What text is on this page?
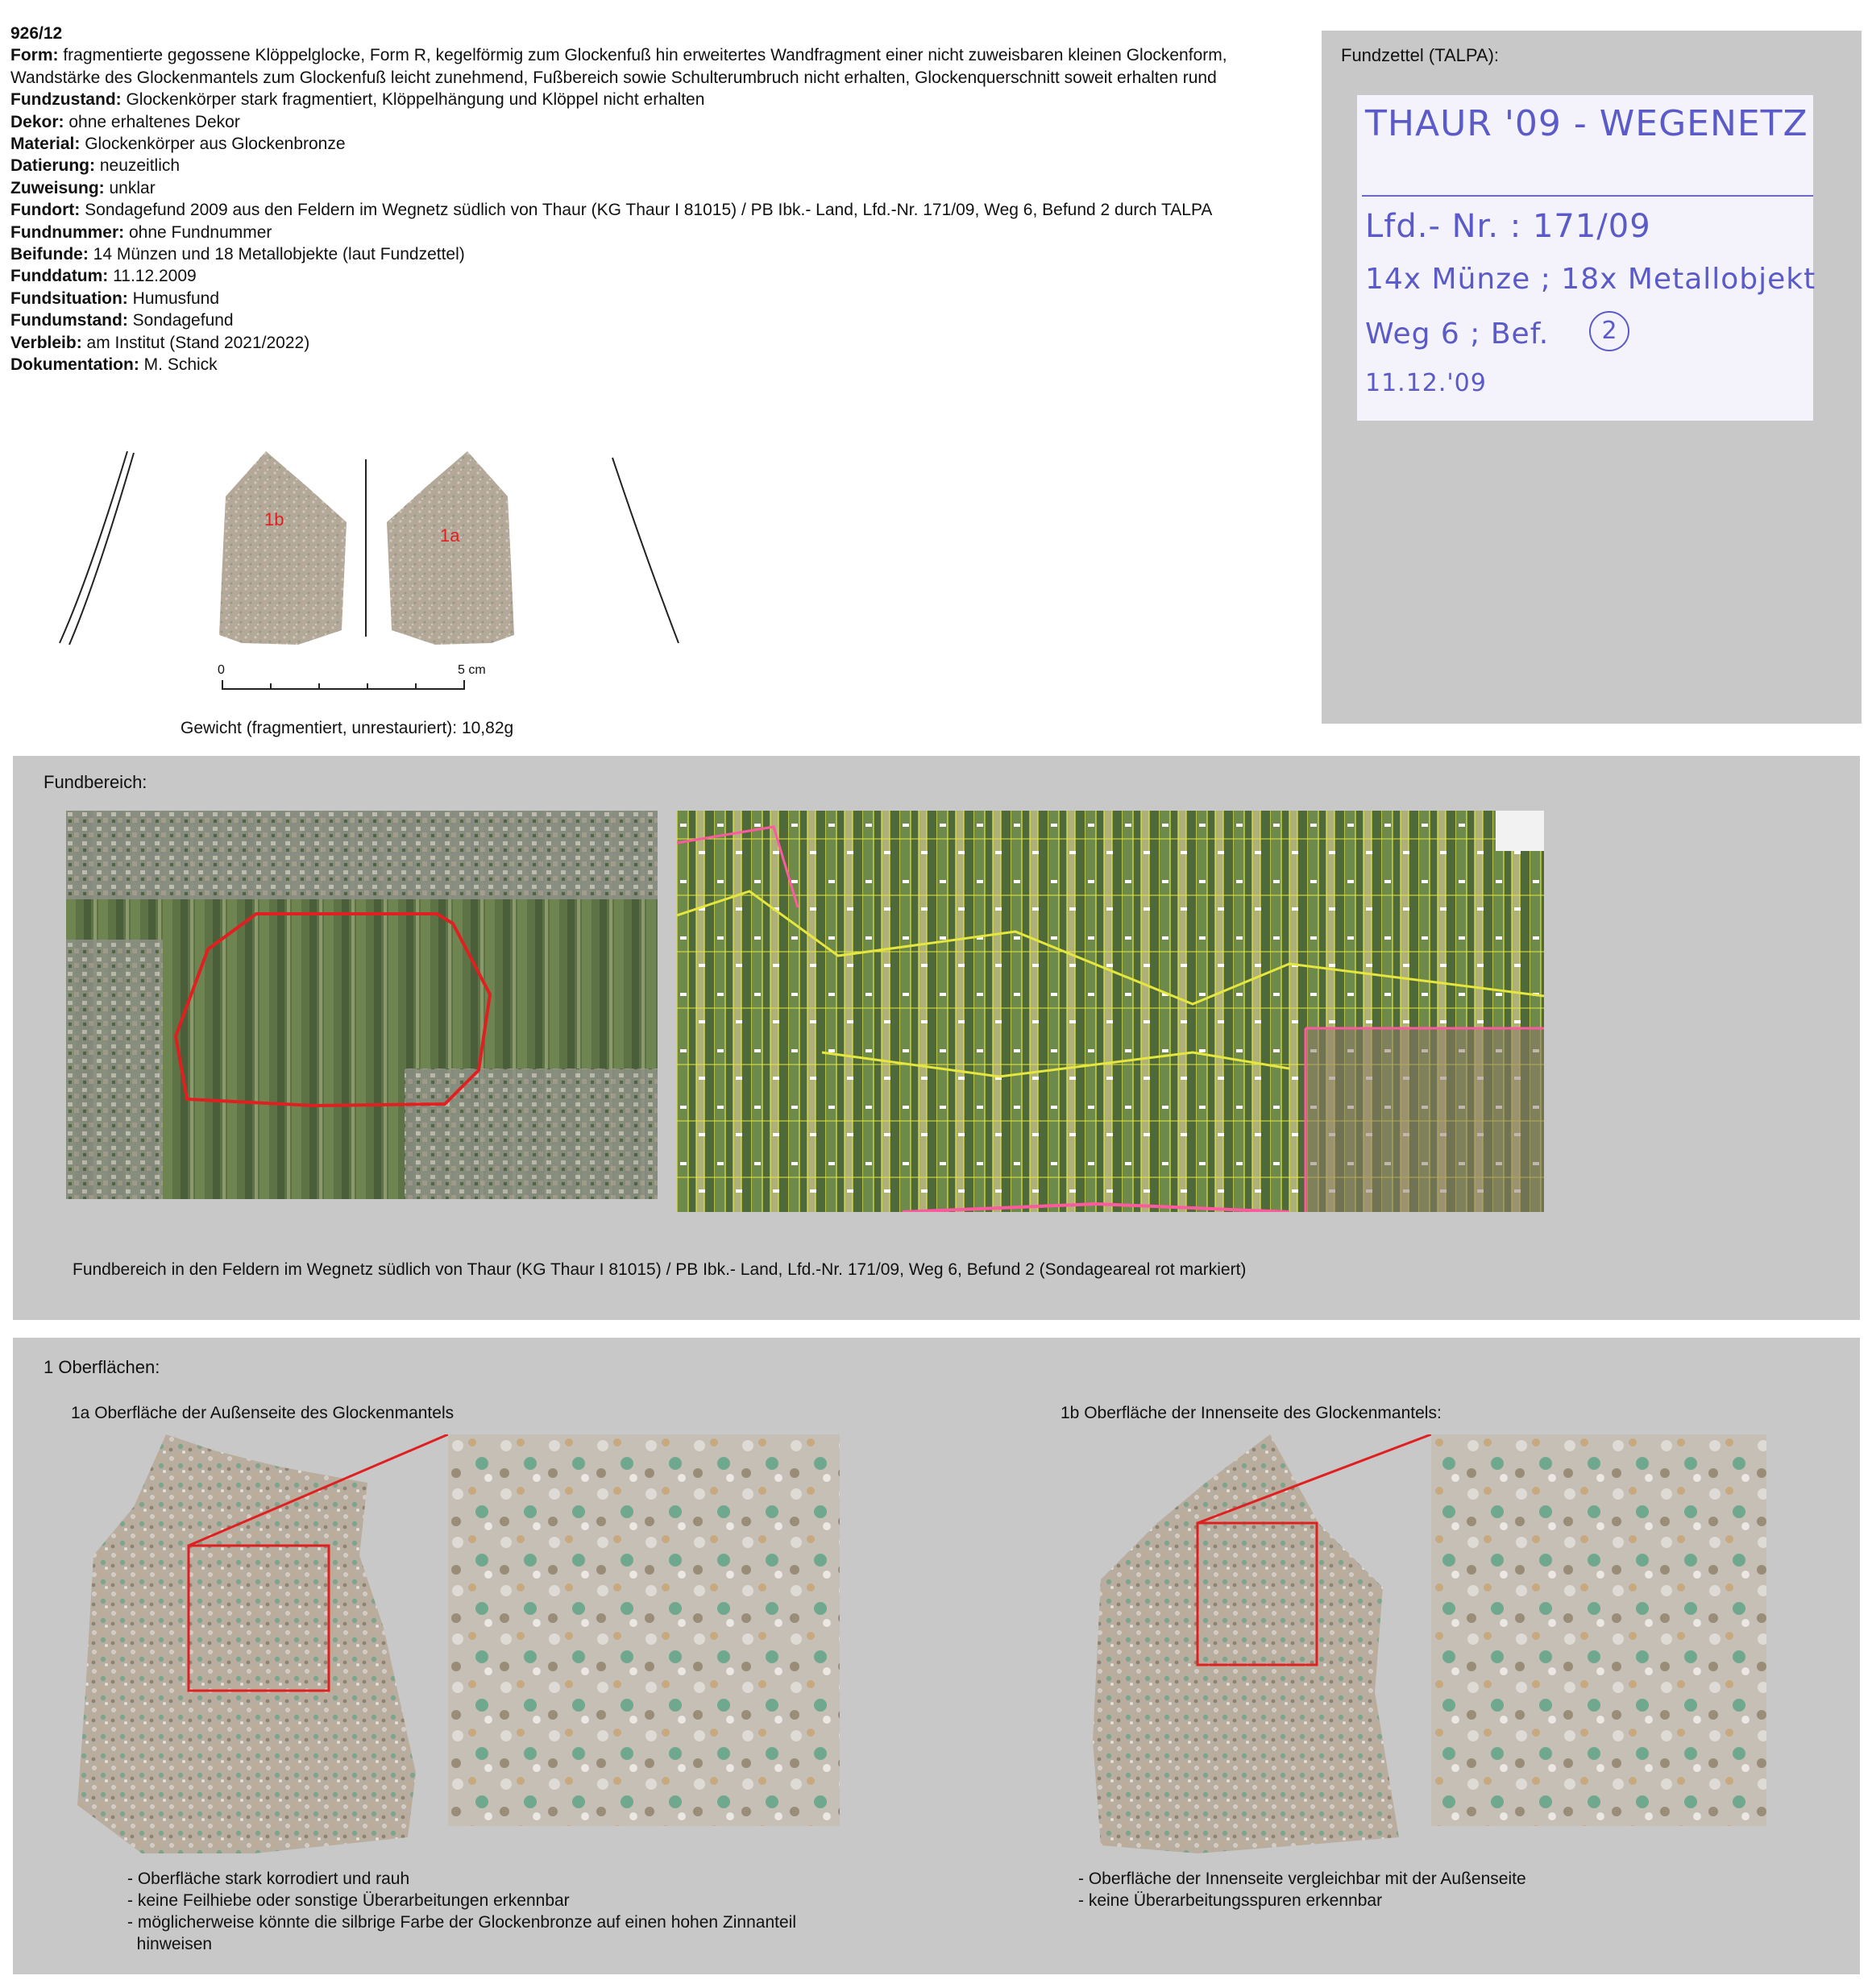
926/12
Form: fragmentierte gegossene Klöppelglocke, Form R, kegelförmig zum Glockenfuß hin erweitertes Wandfragment einer nicht zuweisbaren kleinen Glockenform, Wandstärke des Glockenmantels zum Glockenfuß leicht zunehmend, Fußbereich sowie Schulterumbruch nicht erhalten, Glockenquerschnitt soweit erhalten rund
Fundzustand: Glockenkörper stark fragmentiert, Klöppelhängung und Klöppel nicht erhalten
Dekor: ohne erhaltenes Dekor
Material: Glockenkörper aus Glockenbronze
Datierung: neuzeitlich
Zuweisung: unklar
Fundort: Sondagefund 2009 aus den Feldern im Wegnetz südlich von Thaur (KG Thaur I 81015) / PB Ibk.- Land, Lfd.-Nr. 171/09, Weg 6, Befund 2 durch TALPA
Fundnummer: ohne Fundnummer
Beifunde: 14 Münzen und 18 Metallobjekte (laut Fundzettel)
Funddatum: 11.12.2009
Fundsituation: Humusfund
Fundumstand: Sondagefund
Verbleib: am Institut (Stand 2021/2022)
Dokumentation: M. Schick
Fundzettel (TALPA):
THAUR '09 - WEGENETZ
Lfd.- Nr. : 171/09
14x Münze ; 18x Metallobjekt
Weg 6 ; Bef.	2
11.12.'09
1b
1a
0	5 cm
Gewicht (fragmentiert, unrestauriert): 10,82g
Fundbereich:
Fundbereich in den Feldern im Wegnetz südlich von Thaur (KG Thaur I 81015) / PB Ibk.- Land, Lfd.-Nr. 171/09, Weg 6, Befund 2 (Sondageareal rot markiert)
1 Oberflächen:
1a Oberfläche der Außenseite des Glockenmantels	1b Oberfläche der Innenseite des Glockenmantels:
- Oberfläche stark korrodiert und rauh
- keine Feilhiebe oder sonstige Überarbeitungen erkennbar
- möglicherweise könnte die silbrige Farbe der Glockenbronze auf einen hohen Zinnanteil
hinweisen
- Oberfläche der Innenseite vergleichbar mit der Außenseite
- keine Überarbeitungsspuren erkennbar
